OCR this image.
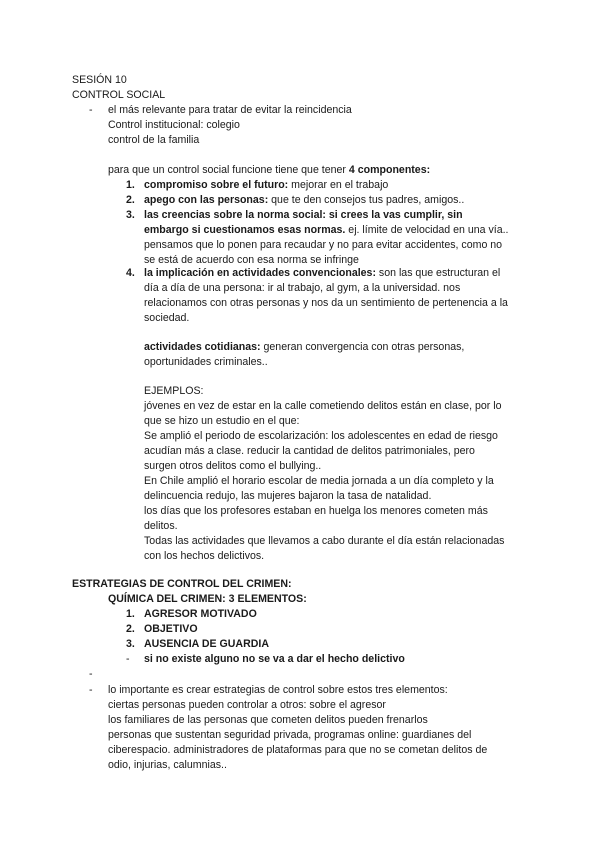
SESIÓN 10
CONTROL SOCIAL
- el más relevante para tratar de evitar la reincidencia
Control institucional: colegio
control de la familia
para que un control social funcione tiene que tener 4 componentes:
1. compromiso sobre el futuro: mejorar en el trabajo
2. apego con las personas: que te den consejos tus padres, amigos..
3. las creencias sobre la norma social: si crees la vas cumplir, sin
embargo si cuestionamos esas normas. ej. límite de velocidad en una vía..
pensamos que lo ponen para recaudar y no para evitar accidentes, como no
se está de acuerdo con esa norma se infringe
4. la implicación en actividades convencionales: son las que estructuran el
día a día de una persona: ir al trabajo, al gym, a la universidad. nos
relacionamos con otras personas y nos da un sentimiento de pertenencia a la
sociedad.
actividades cotidianas: generan convergencia con otras personas,
oportunidades criminales..
EJEMPLOS:
jóvenes en vez de estar en la calle cometiendo delitos están en clase, por lo
que se hizo un estudio en el que:
Se amplió el periodo de escolarización: los adolescentes en edad de riesgo
acudían más a clase. reducir la cantidad de delitos patrimoniales, pero
surgen otros delitos como el bullying..
En Chile amplió el horario escolar de media jornada a un día completo y la
delincuencia redujo, las mujeres bajaron la tasa de natalidad.
los días que los profesores estaban en huelga los menores cometen más
delitos.
Todas las actividades que llevamos a cabo durante el día están relacionadas
con los hechos delictivos.
ESTRATEGIAS DE CONTROL DEL CRIMEN:
QUÍMICA DEL CRIMEN: 3 ELEMENTOS:
1. AGRESOR MOTIVADO
2. OBJETIVO
3. AUSENCIA DE GUARDIA
- si no existe alguno no se va a dar el hecho delictivo
-
- lo importante es crear estrategias de control sobre estos tres elementos:
ciertas personas pueden controlar a otros: sobre el agresor
los familiares de las personas que cometen delitos pueden frenarlos
personas que sustentan seguridad privada, programas online: guardianes del
ciberespacio. administradores de plataformas para que no se cometan delitos de
odio, injurias, calumnias..
